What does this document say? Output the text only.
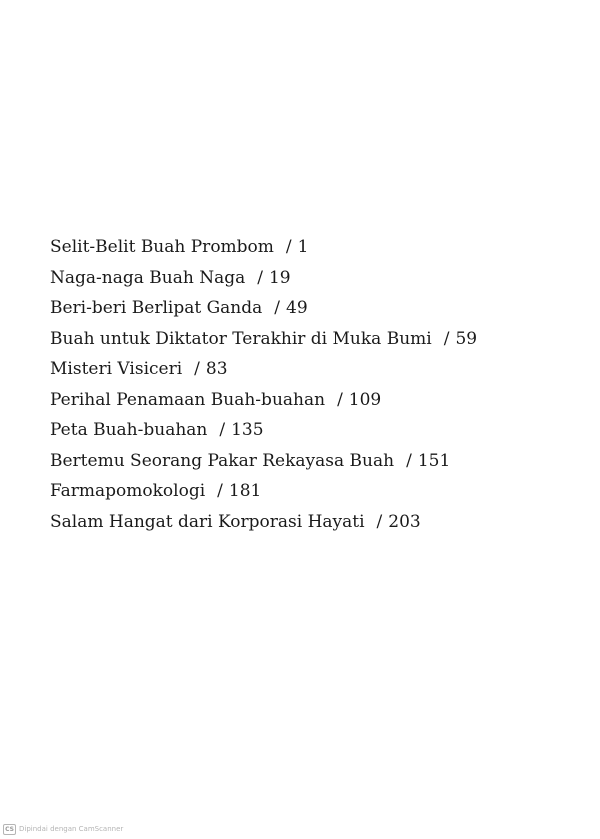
Selit-Belit Buah Prombom / 1
Naga-naga Buah Naga / 19
Beri-beri Berlipat Ganda / 49
Buah untuk Diktator Terakhir di Muka Bumi / 59
Misteri Visiceri / 83
Perihal Penamaan Buah-buahan / 109
Peta Buah-buahan / 135
Bertemu Seorang Pakar Rekayasa Buah / 151
Farmapomokologi / 181
Salam Hangat dari Korporasi Hayati / 203
CS Dipindai dengan CamScanner
